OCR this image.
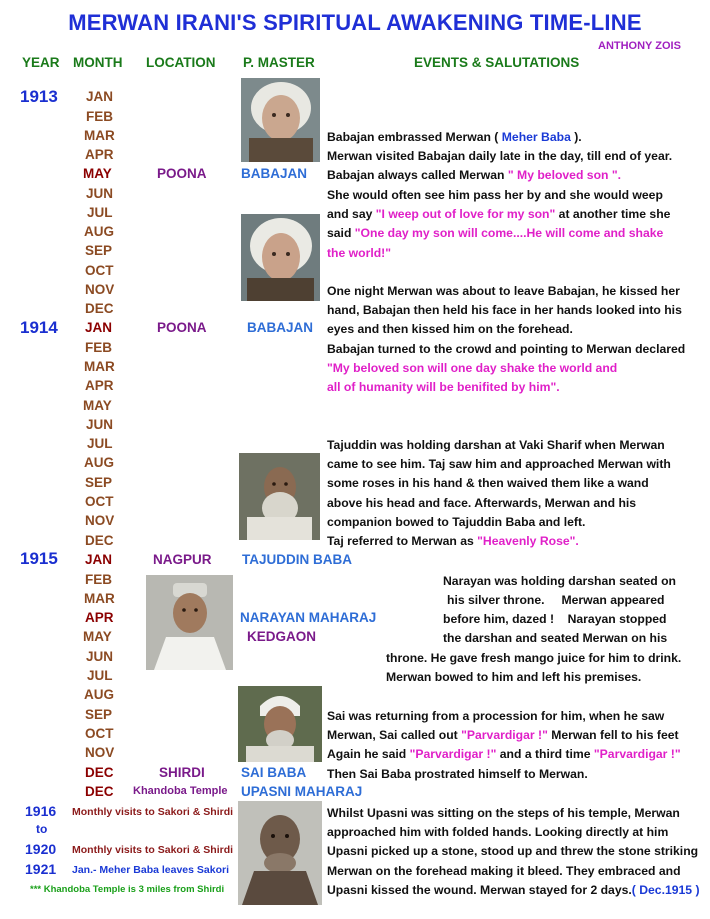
MERWAN IRANI'S SPIRITUAL AWAKENING TIME-LINE
ANTHONY ZOIS
YEAR MONTH LOCATION P. MASTER	EVENTS & SALUTATIONS
1913
1914
1915
1916
to
1920
1921
JAN
FEB
MAR
APR
MAY
JUN
JUL
AUG
SEP
OCT
NOV
DEC
JAN
FEB
MAR
APR
MAY
JUN
JUL
AUG
SEP
OCT
NOV
DEC
JAN
FEB
MAR
APR
MAY
JUN
JUL
AUG
SEP
OCT
NOV
DEC
DEC
POONA
POONA
NAGPUR
KEDGAON
SHIRDI
Khandoba Temple
BABAJAN
BABAJAN
TAJUDDIN BABA
NARAYAN MAHARAJ
SAI BABA
UPASNI MAHARAJ
Monthly visits to Sakori & Shirdi
Monthly visits to Sakori & Shirdi
Jan.- Meher Baba leaves Sakori
*** Khandoba Temple is 3 miles from Shirdi
Babajan embrassed Merwan ( Meher Baba ).
Merwan visited Babajan daily late in the day, till end of year.
Babajan always called Merwan " My beloved son ".
She would often see him pass her by and she would weep
and say "I weep out of love for my son" at another time she
said "One day my son will come....He will come and shake
the world!"
One night Merwan was about to leave Babajan, he kissed her
hand, Babajan then held his face in her hands looked into his
eyes and then kissed him on the forehead.
Babajan turned to the crowd and pointing to Merwan declared
"My beloved son will one day shake the world and
all of humanity will be benifited by him".
Tajuddin was holding darshan at Vaki Sharif when Merwan
came to see him. Taj saw him and approached Merwan with
some roses in his hand & then waived them like a wand
above his head and face. Afterwards, Merwan and his
companion bowed to Tajuddin Baba and left.
Taj referred to Merwan as "Heavenly Rose".
Narayan was holding darshan seated on
his silver throne.     Merwan appeared
before him, dazed !    Narayan stopped
the darshan and seated Merwan on his
throne. He gave fresh mango juice for him to drink.
Merwan bowed to him and left his premises.
Sai was returning from a procession for him, when he saw
Merwan, Sai called out "Parvardigar !" Merwan fell to his feet
Again he said "Parvardigar !" and a third time "Parvardigar !"
Then Sai Baba prostrated himself to Merwan.
Whilst Upasni was sitting on the steps of his temple, Merwan
approached him with folded hands. Looking directly at him
Upasni picked up a stone, stood up and threw the stone striking
Merwan on the forehead making it bleed. They embraced and
Upasni kissed the wound. Merwan stayed for 2 days.( Dec.1915 )
